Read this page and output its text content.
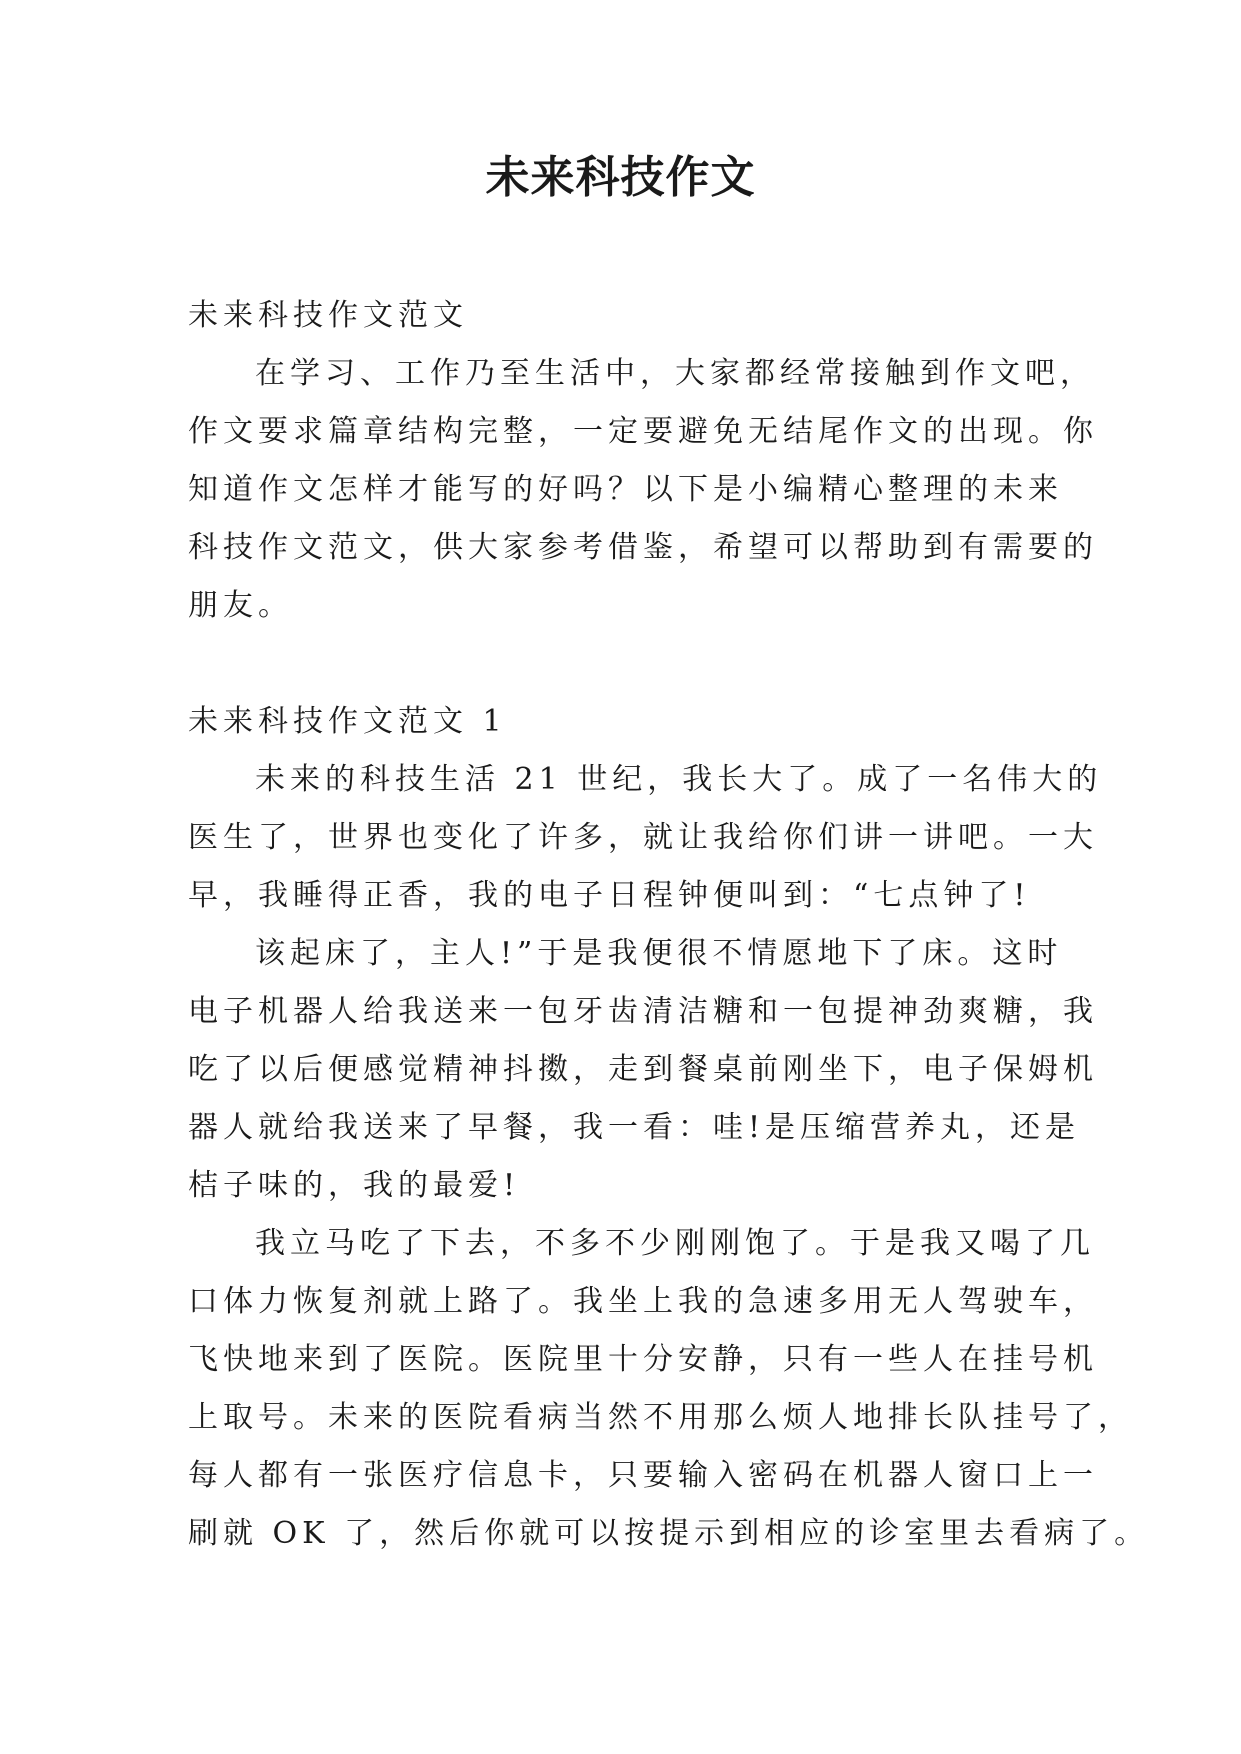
未来科技作文

未来科技作文范文

在学习、工作乃至生活中，大家都经常接触到作文吧，

作文要求篇章结构完整，一定要避免无结尾作文的出现。你

知道作文怎样才能写的好吗？以下是小编精心整理的未来

科技作文范文，供大家参考借鉴，希望可以帮助到有需要的

朋友。

未来科技作文范文 1

未来的科技生活 21 世纪，我长大了。成了一名伟大的

医生了，世界也变化了许多，就让我给你们讲一讲吧。一大

早，我睡得正香，我的电子日程钟便叫到：“七点钟了!

该起床了，主人!”于是我便很不情愿地下了床。这时

电子机器人给我送来一包牙齿清洁糖和一包提神劲爽糖，我

吃了以后便感觉精神抖擞，走到餐桌前刚坐下，电子保姆机

器人就给我送来了早餐，我一看：哇!是压缩营养丸，还是

桔子味的，我的最爱!

我立马吃了下去，不多不少刚刚饱了。于是我又喝了几

口体力恢复剂就上路了。我坐上我的急速多用无人驾驶车，

飞快地来到了医院。医院里十分安静，只有一些人在挂号机

上取号。未来的医院看病当然不用那么烦人地排长队挂号了，

每人都有一张医疗信息卡，只要输入密码在机器人窗口上一

刷就 OK 了，然后你就可以按提示到相应的诊室里去看病了。
